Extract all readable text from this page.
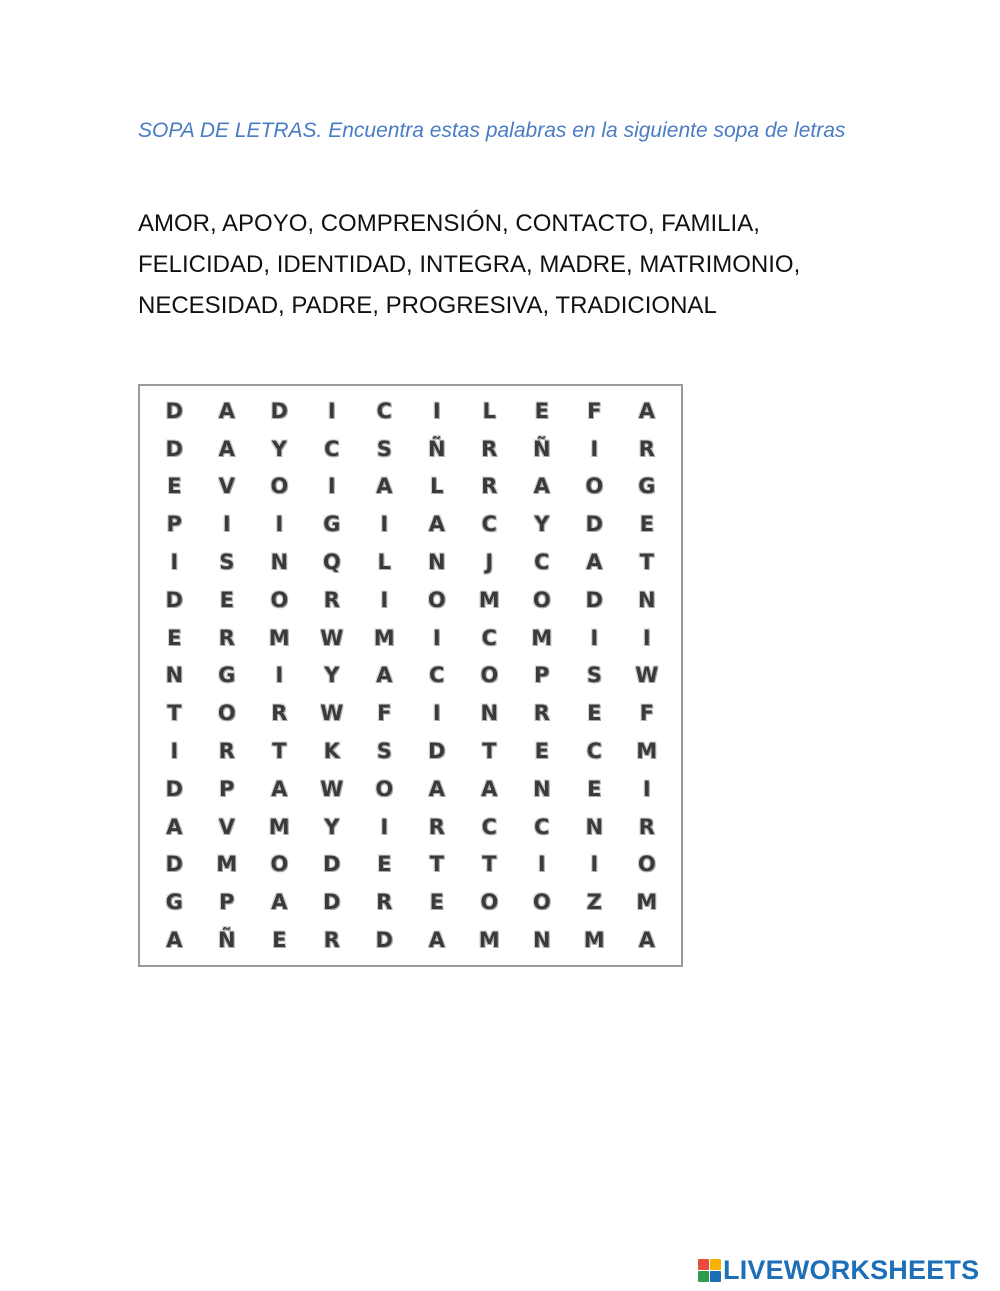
SOPA DE LETRAS. Encuentra estas palabras en la siguiente sopa de letras
AMOR, APOYO, COMPRENSIÓN, CONTACTO, FAMILIA, FELICIDAD, IDENTIDAD, INTEGRA, MADRE, MATRIMONIO, NECESIDAD, PADRE, PROGRESIVA, TRADICIONAL
D	A	D	I	C	I	L	E	F	A
D	A	Y	C	S	Ñ	R	Ñ	I	R
E	V	O	I	A	L	R	A	O	G
P	I	I	G	I	A	C	Y	D	E
I	S	N	Q	L	N	J	C	A	T
D	E	O	R	I	O	M	O	D	N
E	R	M	W	M	I	C	M	I	I
N	G	I	Y	A	C	O	P	S	W
T	O	R	W	F	I	N	R	E	F
I	R	T	K	S	D	T	E	C	M
D	P	A	W	O	A	A	N	E	I
A	V	M	Y	I	R	C	C	N	R
D	M	O	D	E	T	T	I	I	O
G	P	A	D	R	E	O	O	Z	M
A	Ñ	E	R	D	A	M	N	M	A
LIVEWORKSHEETS
